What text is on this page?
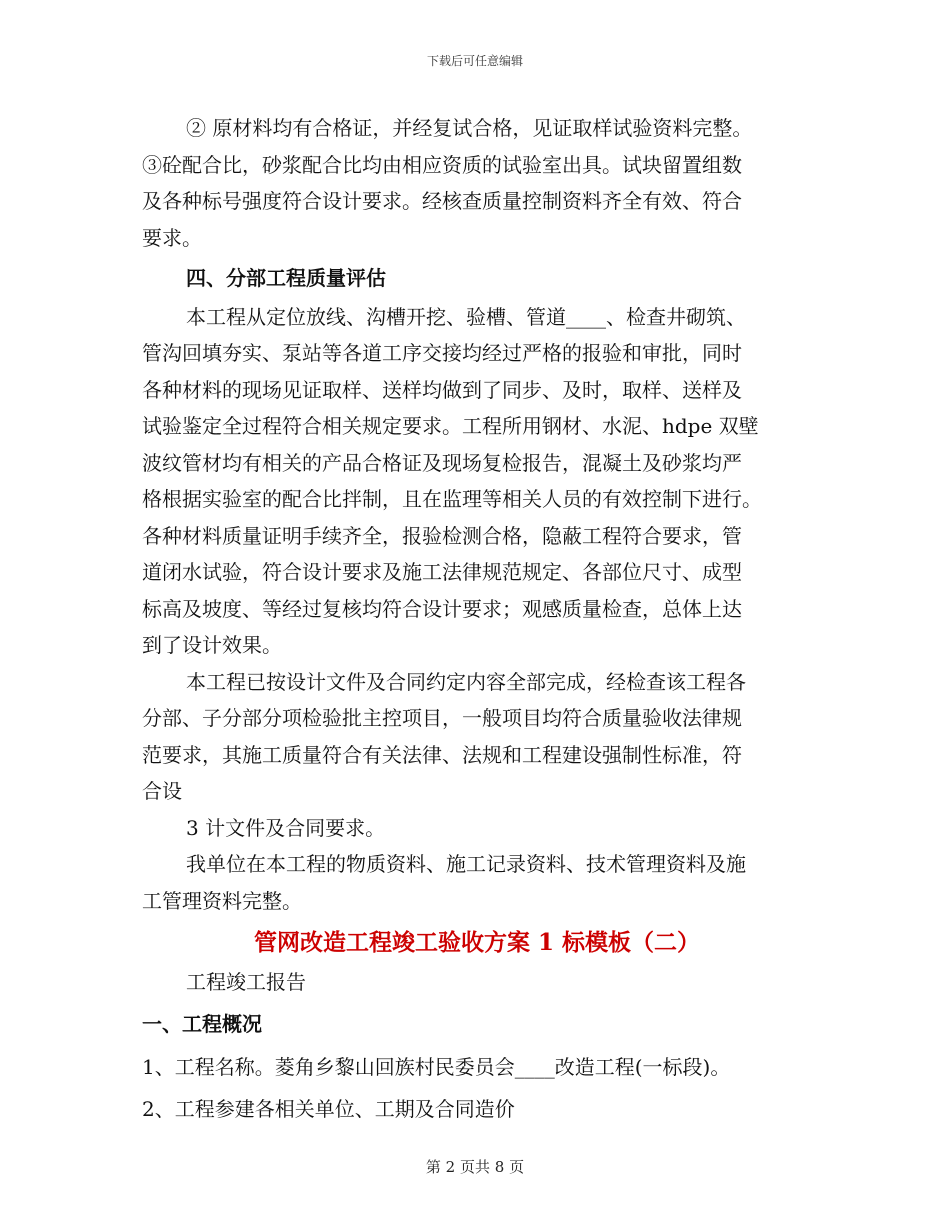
下载后可任意编辑

② 原材料均有合格证，并经复试合格，见证取样试验资料完整。

③砼配合比，砂浆配合比均由相应资质的试验室出具。试块留置组数

及各种标号强度符合设计要求。经核查质量控制资料齐全有效、符合

要求。

四、分部工程质量评估

本工程从定位放线、沟槽开挖、验槽、管道____、检查井砌筑、

管沟回填夯实、泵站等各道工序交接均经过严格的报验和审批，同时

各种材料的现场见证取样、送样均做到了同步、及时，取样、送样及

试验鉴定全过程符合相关规定要求。工程所用钢材、水泥、hdpe 双壁

波纹管材均有相关的产品合格证及现场复检报告，混凝土及砂浆均严

格根据实验室的配合比拌制，且在监理等相关人员的有效控制下进行。

各种材料质量证明手续齐全，报验检测合格，隐蔽工程符合要求，管

道闭水试验，符合设计要求及施工法律规范规定、各部位尺寸、成型

标高及坡度、等经过复核均符合设计要求；观感质量检查，总体上达

到了设计效果。

本工程已按设计文件及合同约定内容全部完成，经检查该工程各

分部、子分部分项检验批主控项目，一般项目均符合质量验收法律规

范要求，其施工质量符合有关法律、法规和工程建设强制性标准，符

合设

3 计文件及合同要求。

我单位在本工程的物质资料、施工记录资料、技术管理资料及施

工管理资料完整。

管网改造工程竣工验收方案 1 标模板（二）

工程竣工报告

一、工程概况

1、工程名称。菱角乡黎山回族村民委员会____改造工程(一标段)。

2、工程参建各相关单位、工期及合同造价

第 2 页共 8 页
